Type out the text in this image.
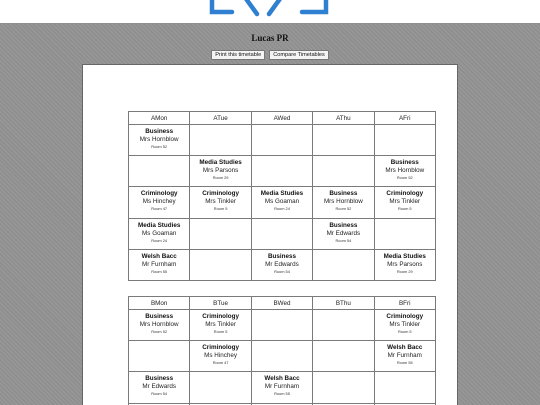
Lucas PR
Print this timetable Compare Timetables
AMon	ATue	AWed	AThu	AFri

Business
Mrs Hornblow
Room 52				

	Media Studies
Mrs Parsons
Room 29			Business
Mrs Hornblow
Room 52

Criminology
Ms Hinchey
Room 47	Criminology
Mrs Tinkler
Room 5	Media Studies
Ms Goaman
Room 24	Business
Mrs Hornblow
Room 52	Criminology
Mrs Tinkler
Room 5

Media Studies
Ms Goaman
Room 24			Business
Mr Edwards
Room 54	

Welsh Bacc
Mr Furnham
Room 55		Business
Mr Edwards
Room 54		Media Studies
Mrs Parsons
Room 29
BMon	BTue	BWed	BThu	BFri

Business
Mrs Hornblow
Room 52	Criminology
Mrs Tinkler
Room 5			Criminology
Mrs Tinkler
Room 5

	Criminology
Ms Hinchey
Room 47			Welsh Bacc
Mr Furnham
Room 55

Business
Mr Edwards
Room 54		Welsh Bacc
Mr Furnham
Room 55		
